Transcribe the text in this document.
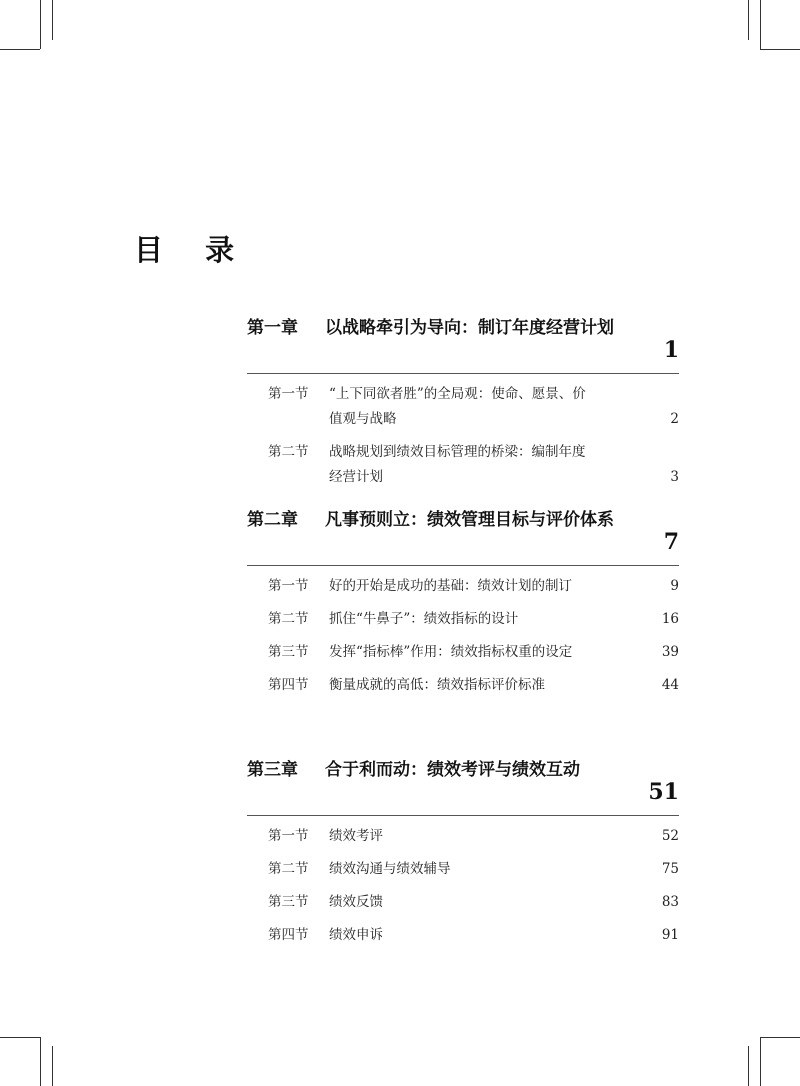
目 录
第一章 以战略牵引为导向：制订年度经营计划
1
第一节 “上下同欲者胜”的全局观：使命、愿景、价值观与战略	2
第二节 战略规划到绩效目标管理的桥梁：编制年度经营计划	3
第二章 凡事预则立：绩效管理目标与评价体系
7
第一节 好的开始是成功的基础：绩效计划的制订	9
第二节 抓住“牛鼻子”：绩效指标的设计	16
第三节 发挥“指标棒”作用：绩效指标权重的设定	39
第四节 衡量成就的高低：绩效指标评价标准	44
第三章 合于利而动：绩效考评与绩效互动
51
第一节 绩效考评	52
第二节 绩效沟通与绩效辅导	75
第三节 绩效反馈	83
第四节 绩效申诉	91
